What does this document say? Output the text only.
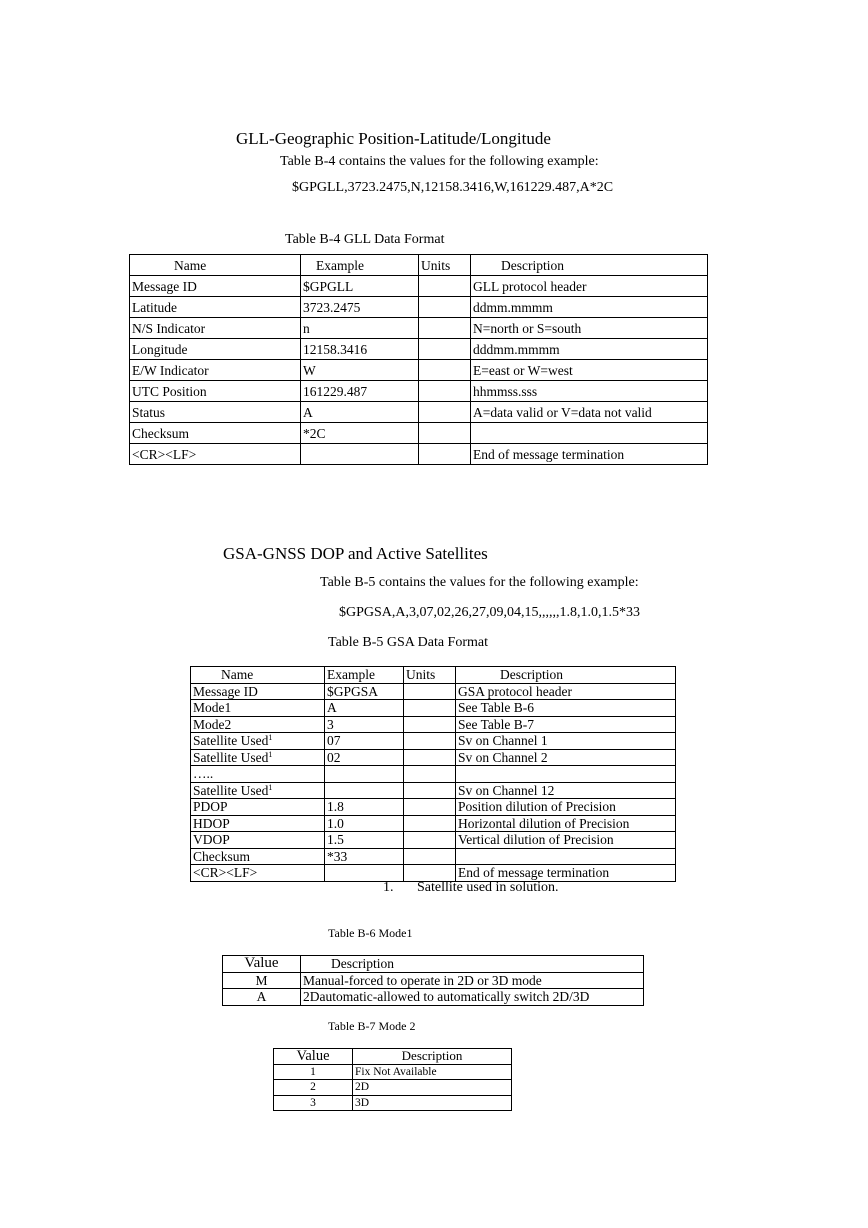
GLL-Geographic Position-Latitude/Longitude
Table B-4 contains the values for the following example:
$GPGLL,3723.2475,N,12158.3416,W,161229.487,A*2C
Table B-4 GLL Data Format
Name	Example	Units	Description
Message ID	$GPGLL		GLL protocol header
Latitude	3723.2475		ddmm.mmmm
N/S Indicator	n		N=north or S=south
Longitude	12158.3416		dddmm.mmmm
E/W Indicator	W		E=east or W=west
UTC Position	161229.487		hhmmss.sss
Status	A		A=data valid or V=data not valid
Checksum	*2C		
<CR><LF>			End of message termination
GSA-GNSS DOP and Active Satellites
Table B-5 contains the values for the following example:
$GPGSA,A,3,07,02,26,27,09,04,15,,,,,,1.8,1.0,1.5*33
Table B-5 GSA Data Format
Name	Example	Units	Description
Message ID	$GPGSA		GSA protocol header
Mode1	A		See Table B-6
Mode2	3		See Table B-7
Satellite Used$^1$	07		Sv on Channel 1
Satellite Used$^1$	02		Sv on Channel 2
…..			
Satellite Used$^1$			Sv on Channel 12
PDOP	1.8		Position dilution of Precision
HDOP	1.0		Horizontal dilution of Precision
VDOP	1.5		Vertical dilution of Precision
Checksum	*33		
<CR><LF>			End of message termination
1. Satellite used in solution.
Table B-6 Mode1
Value	Description
M	Manual-forced to operate in 2D or 3D mode
A	2Dautomatic-allowed to automatically switch 2D/3D
Table B-7 Mode 2
Value	Description
1	Fix Not Available
2	2D
3	3D
